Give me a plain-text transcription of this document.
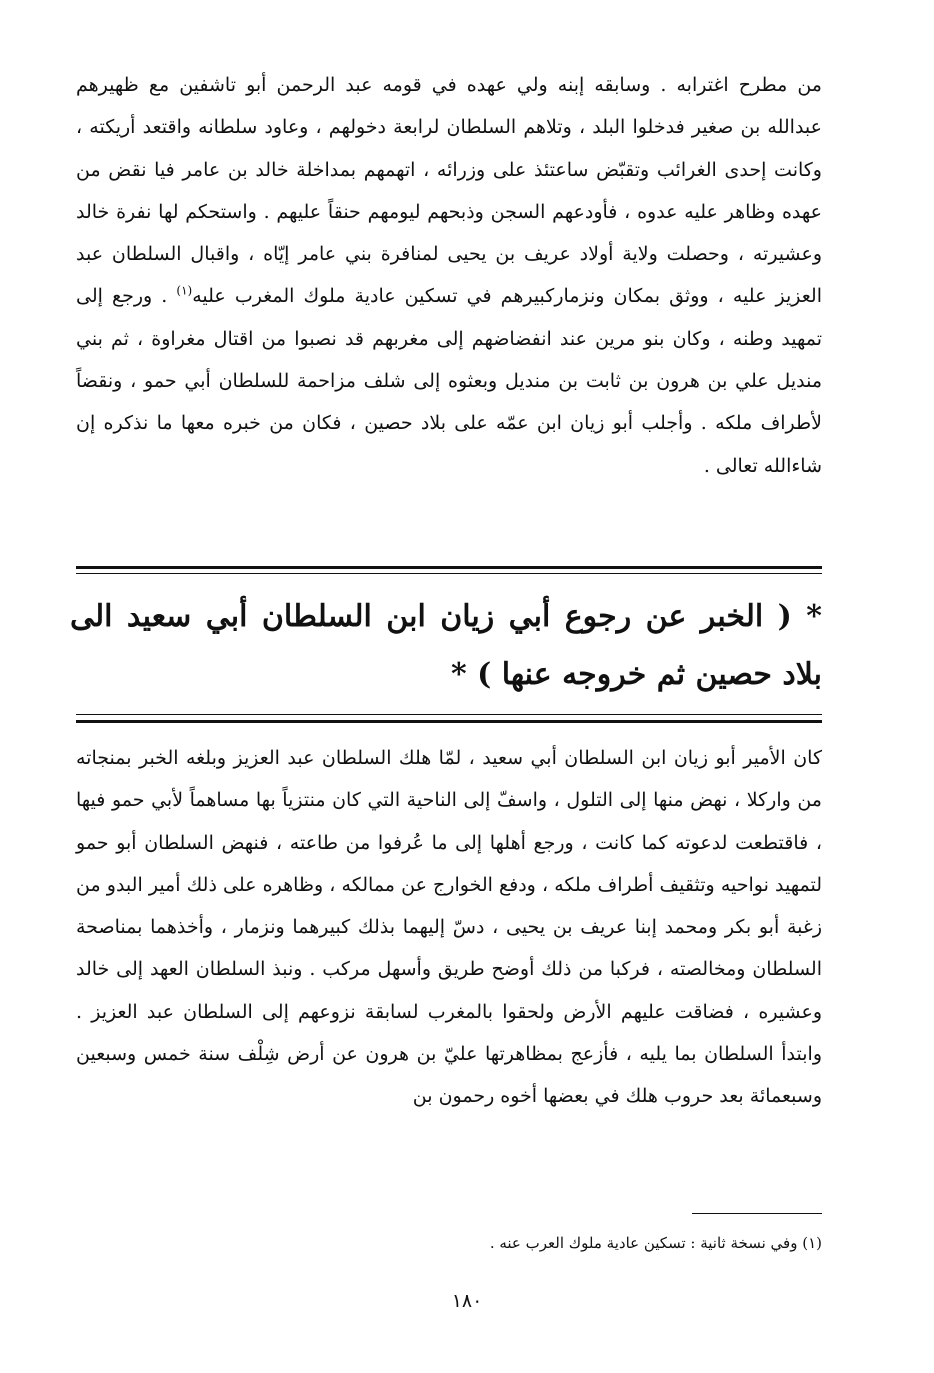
من مطرح اغترابه . وسابقه إبنه ولي عهده في قومه عبد الرحمن أبو تاشفين مع ظهيرهم عبدالله بن صغير فدخلوا البلد ، وتلاهم السلطان لرابعة دخولهم ، وعاود سلطانه واقتعد أريكته ، وكانت إحدى الغرائب وتقبّض ساعتئذ على وزرائه ، اتهمهم بمداخلة خالد بن عامر فيا نقض من عهده وظاهر عليه عدوه ، فأودعهم السجن وذبحهم ليومهم حنقاً عليهم . واستحكم لها نفرة خالد وعشيرته ، وحصلت ولاية أولاد عريف بن يحيى لمنافرة بني عامر إيّاه ، واقبال السلطان عبد العزيز عليه ، ووثق بمكان ونزماركبيرهم في تسكين عادية ملوك المغرب عليه$^{(١)}$ . ورجع إلى تمهيد وطنه ، وكان بنو مرين عند انفضاضهم إلى مغربهم قد نصبوا من اقتال مغراوة ، ثم بني منديل علي بن هرون بن ثابت بن منديل وبعثوه إلى شلف مزاحمة للسلطان أبي حمو ، ونقضاً لأطراف ملكه . وأجلب أبو زيان ابن عمّه على بلاد حصين ، فكان من خبره معها ما نذكره إن شاءالله تعالى .

* ( الخبر عن رجوع أبي زيان ابن السلطان أبي سعيد الى بلاد حصين ثم خروجه عنها ) *

كان الأمير أبو زيان ابن السلطان أبي سعيد ، لمّا هلك السلطان عبد العزيز وبلغه الخبر بمنجاته من واركلا ، نهض منها إلى التلول ، واسفّ إلى الناحية التي كان منتزياً بها مساهماً لأبي حمو فيها ، فاقتطعت لدعوته كما كانت ، ورجع أهلها إلى ما عُرفوا من طاعته ، فنهض السلطان أبو حمو لتمهيد نواحيه وتثقيف أطراف ملكه ، ودفع الخوارج عن ممالكه ، وظاهره على ذلك أمير البدو من زغبة أبو بكر ومحمد إبنا عريف بن يحيى ، دسّ إليهما بذلك كبيرهما ونزمار ، وأخذهما بمناصحة السلطان ومخالصته ، فركبا من ذلك أوضح طريق وأسهل مركب . ونبذ السلطان العهد إلى خالد وعشيره ، فضاقت عليهم الأرض ولحقوا بالمغرب لسابقة نزوعهم إلى السلطان عبد العزيز . وابتدأ السلطان بما يليه ، فأزعج بمظاهرتها عليّ بن هرون عن أرض شِلْف سنة خمس وسبعين وسبعمائة بعد حروب هلك في بعضها أخوه رحمون بن

(١) وفي نسخة ثانية : تسكين عادية ملوك العرب عنه .

١٨٠
